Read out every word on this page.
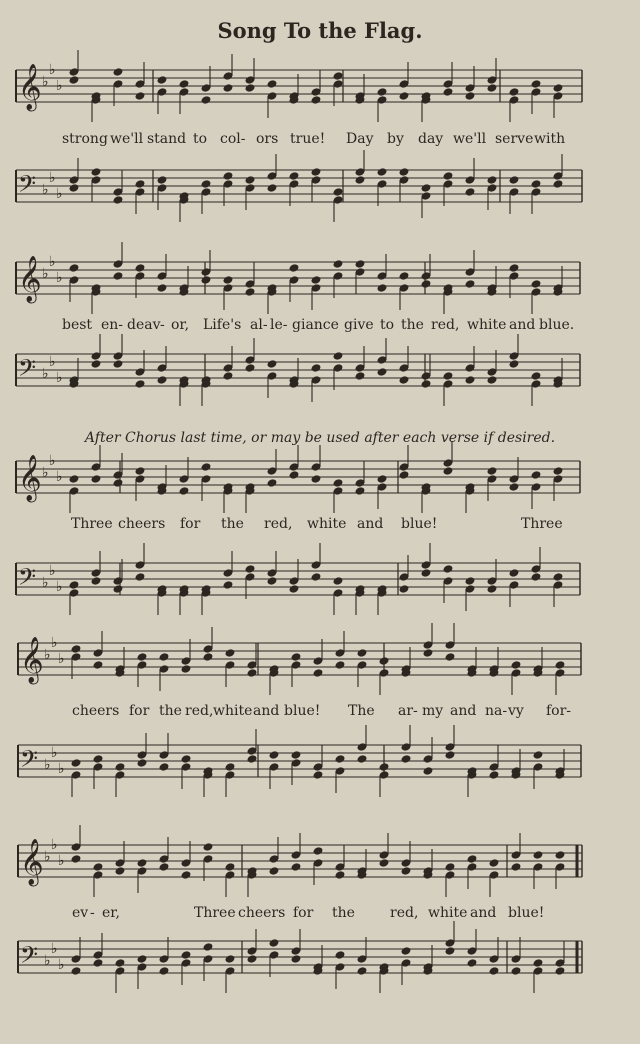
Song To the Flag.
After Chorus last time, or may be used after each verse if desired.
𝄞 ♭
♭
♭
𝄢 ♭
♭
♭
𝄞 ♭
♭
♭
𝄢 ♭
♭
♭
𝄞 ♭
♭
♭
𝄢 ♭
♭
♭
𝄞 ♭
♭
♭
𝄢 ♭
♭
♭
𝄞 ♭
♭
♭
𝄢 ♭
♭
♭
strong we'll stand to col- ors true! Day by day we'll serve with
best en- deav - or, Life's al- le- giance give to the red, white and blue.
Three cheers for the red, white and blue!	Three
cheers for the red, white and blue! The ar- my and na- vy for-
ev - er,	Three cheers for the	red, white and blue!
